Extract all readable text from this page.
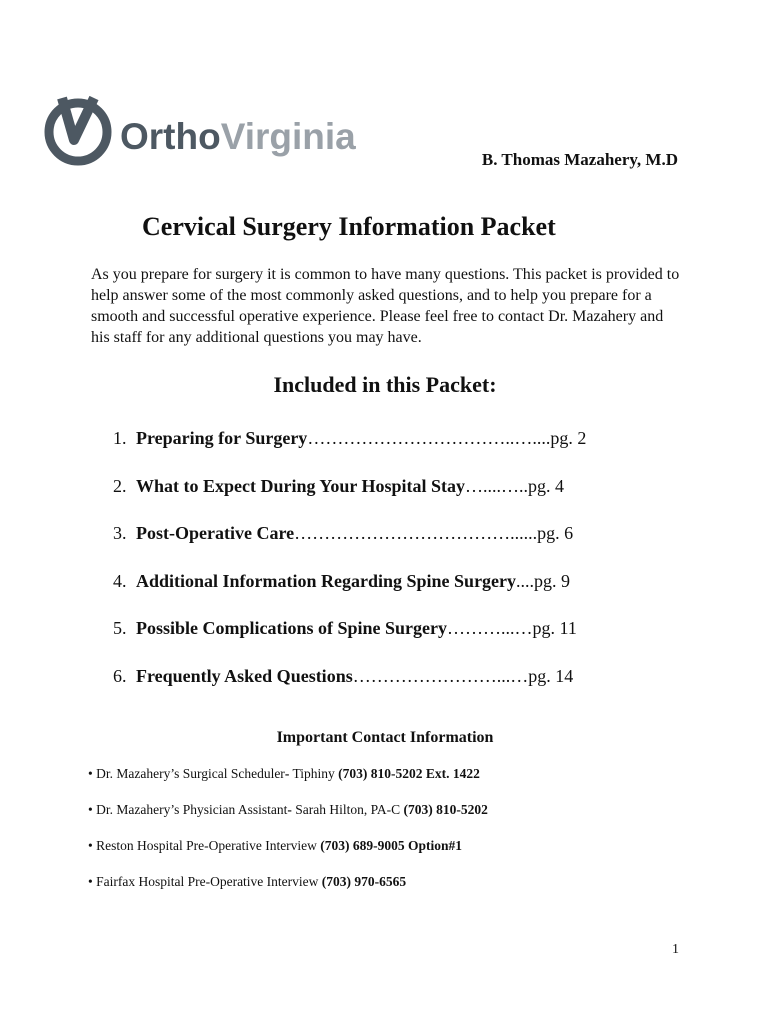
OrthoVirginia
B. Thomas Mazahery, M.D
Cervical Surgery Information Packet

As you prepare for surgery it is common to have many questions. This packet is provided to help answer some of the most commonly asked questions, and to help you prepare for a smooth and successful operative experience. Please feel free to contact Dr. Mazahery and his staff for any additional questions you may have.

Included in this Packet:
1. Preparing for Surgery……………………………..…....pg. 2
2. What to Expect During Your Hospital Stay…....…..pg. 4
3. Post-Operative Care………………………………......pg. 6
4. Additional Information Regarding Spine Surgery....pg. 9
5. Possible Complications of Spine Surgery………...…pg. 11
6. Frequently Asked Questions……………………...…pg. 14
Important Contact Information
• Dr. Mazahery’s Surgical Scheduler- Tiphiny (703) 810-5202 Ext. 1422
• Dr. Mazahery’s Physician Assistant- Sarah Hilton, PA-C (703) 810-5202
• Reston Hospital Pre-Operative Interview (703) 689-9005 Option#1
• Fairfax Hospital Pre-Operative Interview (703) 970-6565
1
